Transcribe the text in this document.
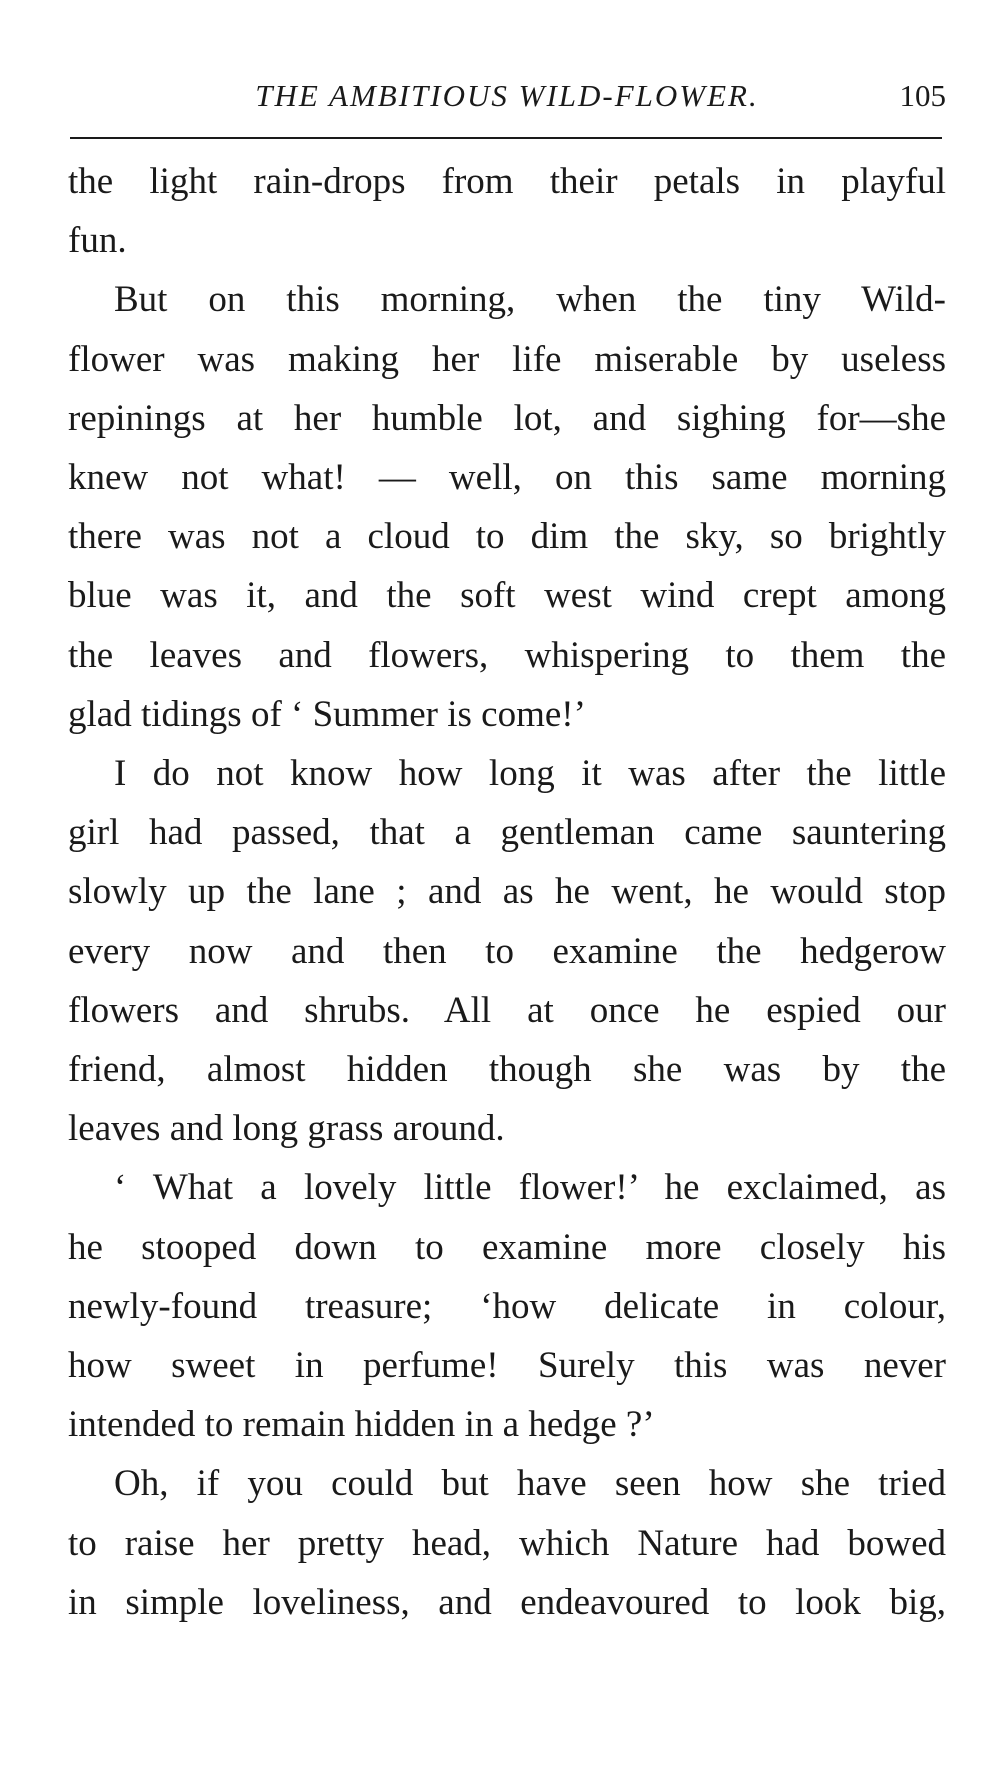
THE AMBITIOUS WILD-FLOWER.	105

the light rain-drops from their petals in playful

fun.

But on this morning, when the tiny Wild-

flower was making her life miserable by useless

repinings at her humble lot, and sighing for—she

knew not what! — well, on this same morning

there was not a cloud to dim the sky, so brightly

blue was it, and the soft west wind crept among

the leaves and flowers, whispering to them the

glad tidings of ‘ Summer is come!’

I do not know how long it was after the little

girl had passed, that a gentleman came sauntering

slowly up the lane ; and as he went, he would stop

every now and then to examine the hedgerow

flowers and shrubs. All at once he espied our

friend, almost hidden though she was by the

leaves and long grass around.

‘ What a lovely little flower!’ he exclaimed, as

he stooped down to examine more closely his

newly-found treasure; ‘how delicate in colour,

how sweet in perfume! Surely this was never

intended to remain hidden in a hedge ?’

Oh, if you could but have seen how she tried

to raise her pretty head, which Nature had bowed

in simple loveliness, and endeavoured to look big,
